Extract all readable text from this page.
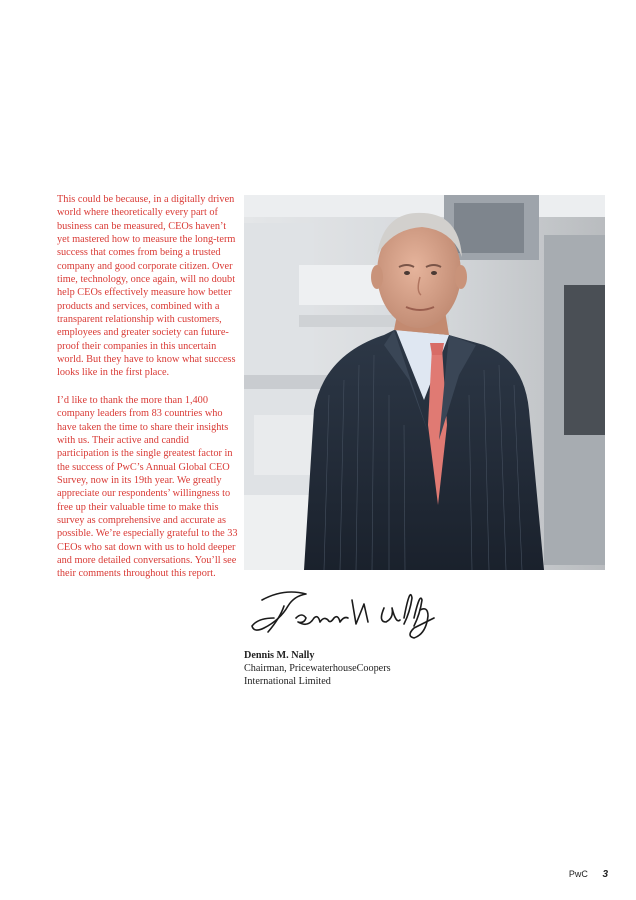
This could be because, in a digitally driven world where theoretically every part of business can be measured, CEOs haven’t yet mastered how to measure the long-term success that comes from being a trusted company and good corporate citizen. Over time, technology, once again, will no doubt help CEOs effectively measure how better products and services, combined with a transparent relationship with customers, employees and greater society can future-proof their companies in this uncertain world. But they have to know what success looks like in the first place.

I’d like to thank the more than 1,400 company leaders from 83 countries who have taken the time to share their insights with us. Their active and candid participation is the single greatest factor in the success of PwC’s Annual Global CEO Survey, now in its 19th year. We greatly appreciate our respondents’ willingness to free up their valuable time to make this survey as comprehensive and accurate as possible. We’re especially grateful to the 33 CEOs who sat down with us to hold deeper and more detailed conversations. You’ll see their comments throughout this report.

Dennis M. Nally
Chairman, PricewaterhouseCoopers International Limited
PwC 3
